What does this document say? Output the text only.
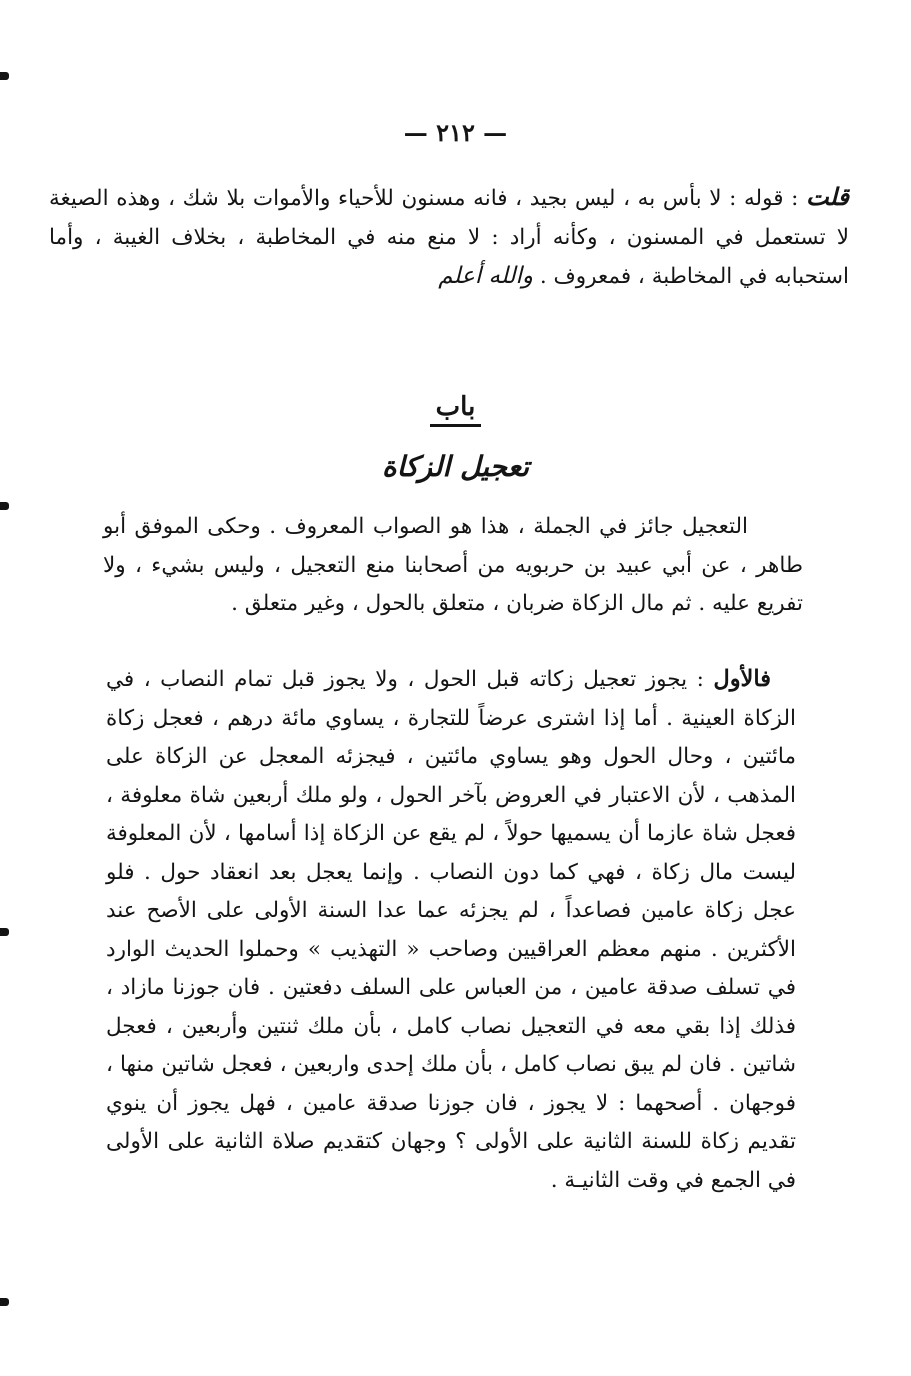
— ٢١٢ —
قلت : قوله : لا بأس به ، ليس بجيد ، فانه مسنون للأحياء والأموات بلا شك ، وهذه الصيغة لا تستعمل في المسنون ، وكأنه أراد : لا منع منه في المخاطبة ، بخلاف الغيبة ، وأما استحبابه في المخاطبة ، فمعروف . والله أعلم
باب
تعجيل الزكاة
التعجيل جائز في الجملة ، هذا هو الصواب المعروف . وحكى الموفق أبو طاهر ، عن أبي عبيد بن حربويه من أصحابنا منع التعجيل ، وليس بشيء ، ولا تفريع عليه . ثم مال الزكاة ضربان ، متعلق بالحول ، وغير متعلق .
فالأول : يجوز تعجيل زكاته قبل الحول ، ولا يجوز قبل تمام النصاب ، في الزكاة العينية . أما إذا اشترى عرضاً للتجارة ، يساوي مائة درهم ، فعجل زكاة مائتين ، وحال الحول وهو يساوي مائتين ، فيجزئه المعجل عن الزكاة على المذهب ، لأن الاعتبار في العروض بآخر الحول ، ولو ملك أربعين شاة معلوفة ، فعجل شاة عازما أن يسميها حولاً ، لم يقع عن الزكاة إذا أسامها ، لأن المعلوفة ليست مال زكاة ، فهي كما دون النصاب . وإنما يعجل بعد انعقاد حول . فلو عجل زكاة عامين فصاعداً ، لم يجزئه عما عدا السنة الأولى على الأصح عند الأكثرين . منهم معظم العراقيين وصاحب « التهذيب » وحملوا الحديث الوارد في تسلف صدقة عامين ، من العباس على السلف دفعتين . فان جوزنا مازاد ، فذلك إذا بقي معه في التعجيل نصاب كامل ، بأن ملك ثنتين وأربعين ، فعجل شاتين . فان لم يبق نصاب كامل ، بأن ملك إحدى واربعين ، فعجل شاتين منها ، فوجهان . أصحهما : لا يجوز ، فان جوزنا صدقة عامين ، فهل يجوز أن ينوي تقديم زكاة للسنة الثانية على الأولى ؟ وجهان كتقديم صلاة الثانية على الأولى في الجمع في وقت الثانيـة .
